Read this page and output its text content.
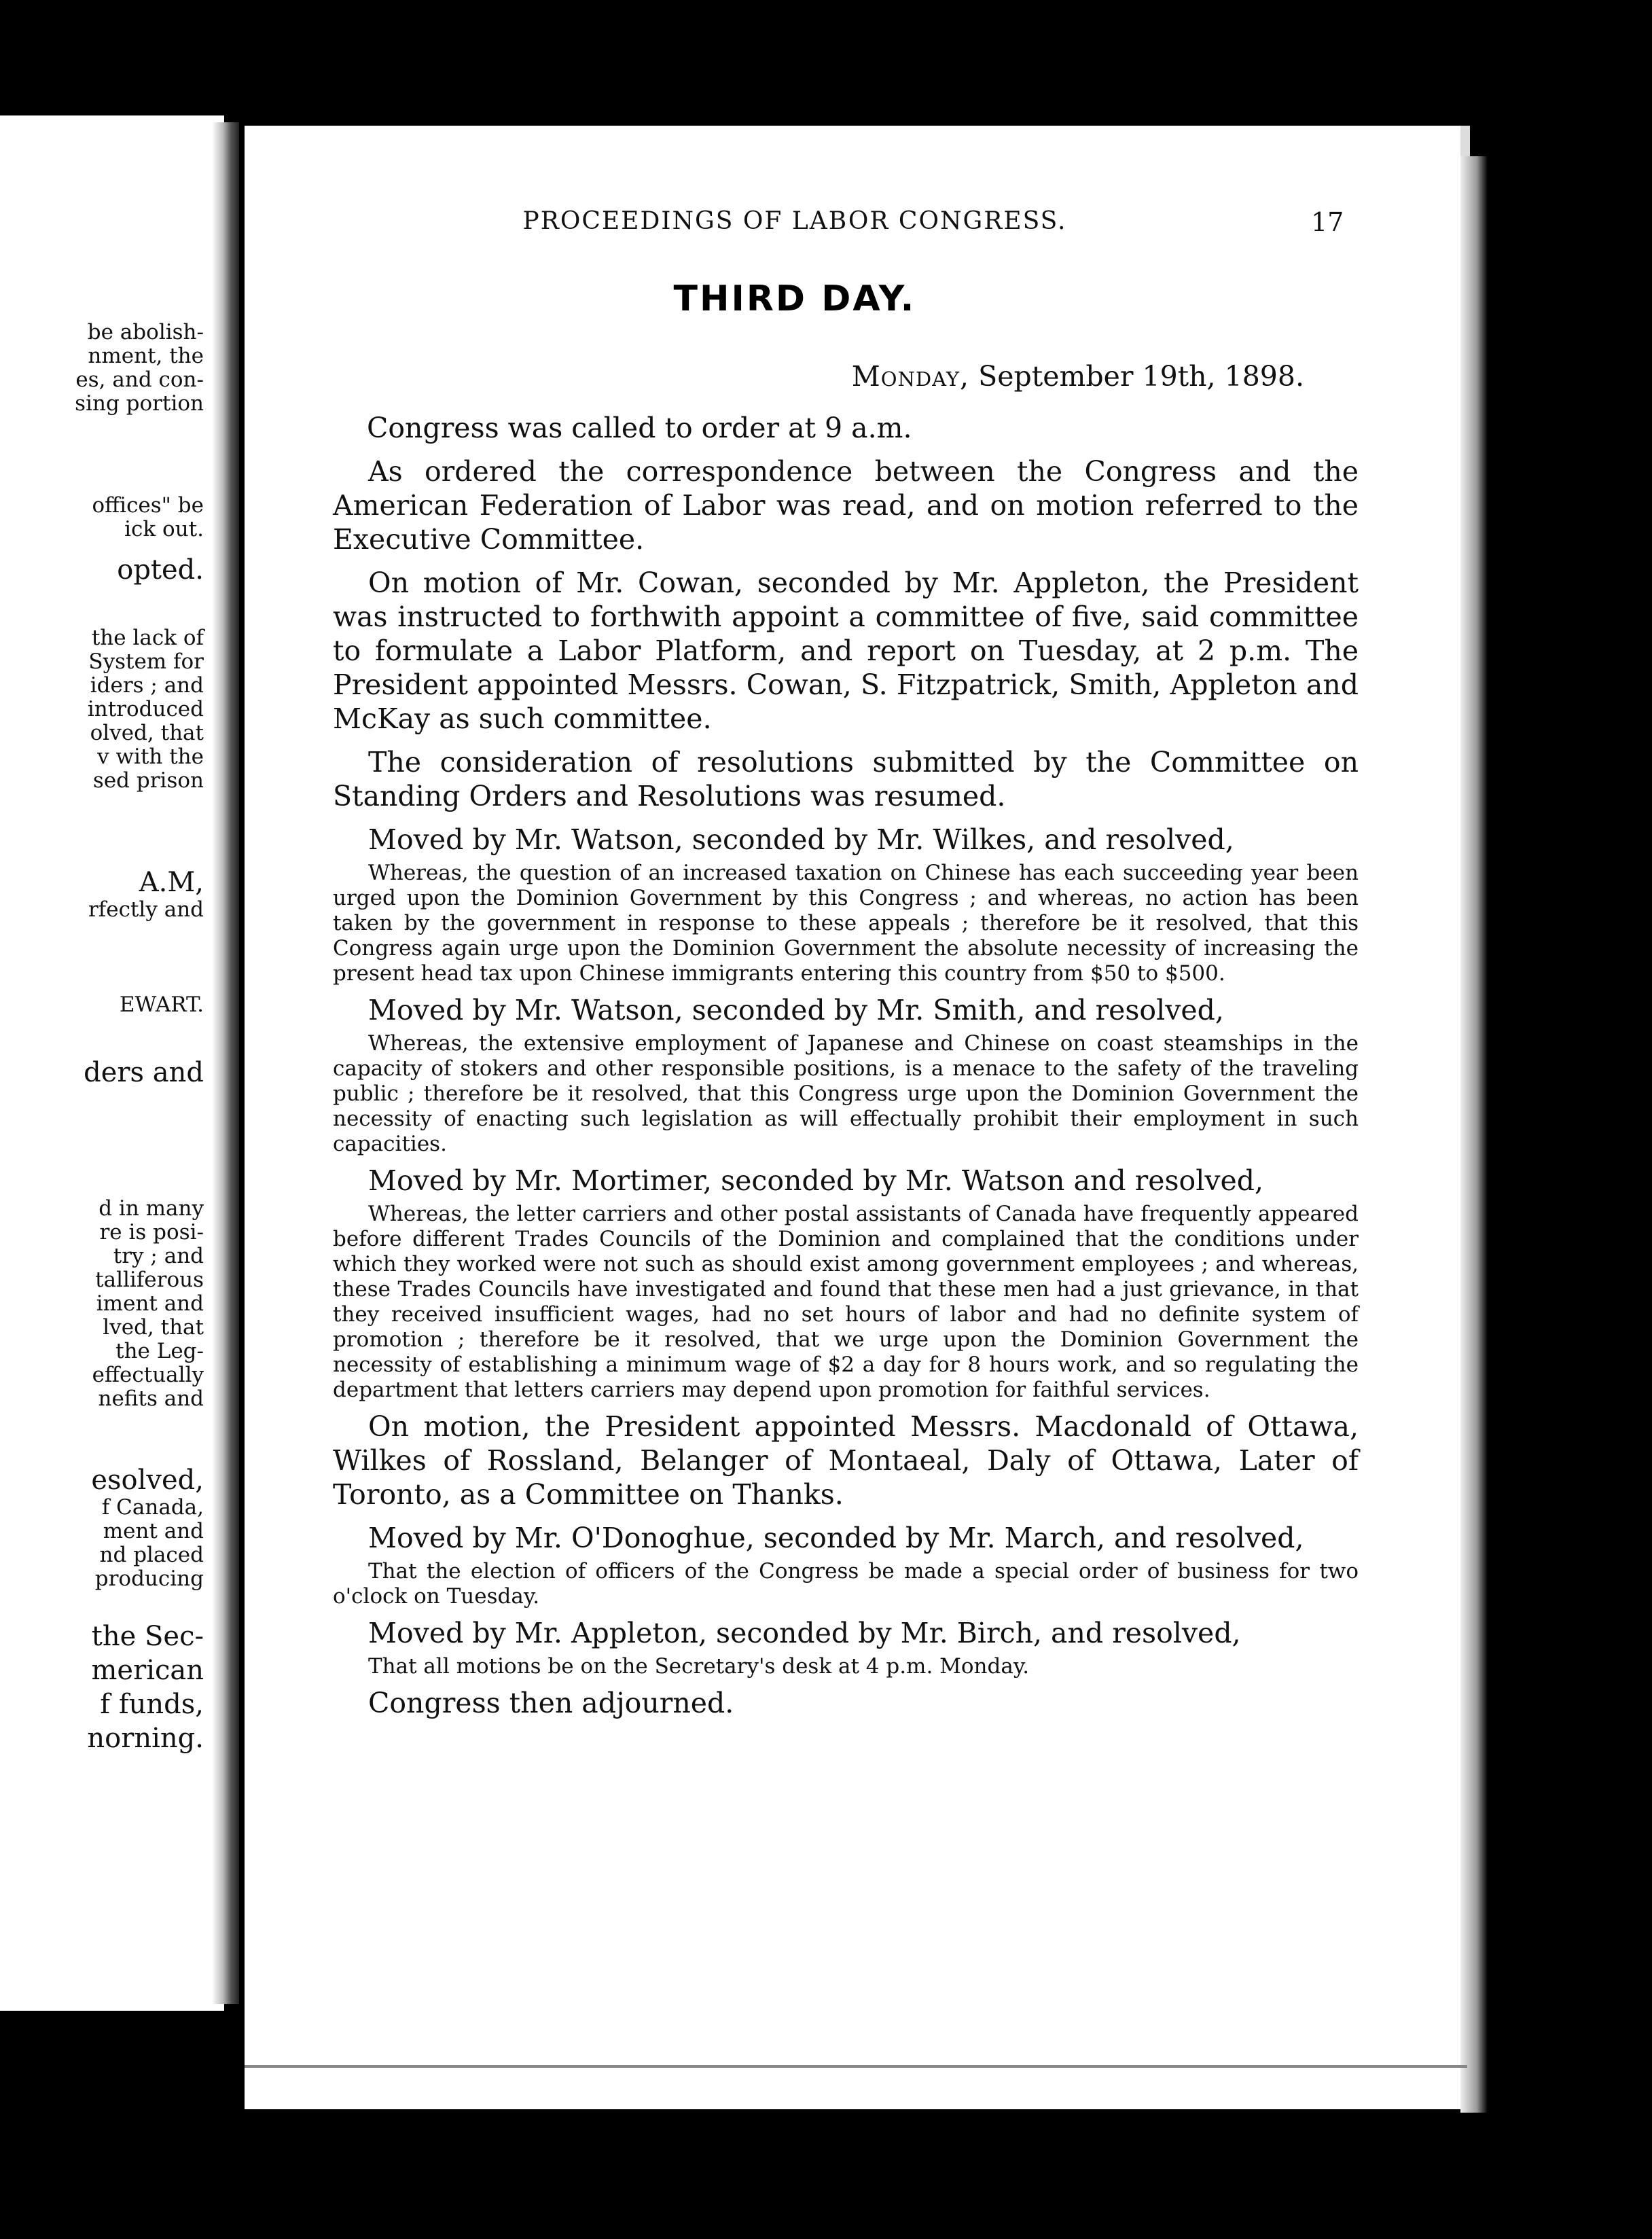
be abolish-
nment, the
es, and con-
sing portion
offices" be
ick out.
opted.
the lack of
System for
iders ; and
introduced
olved, that
v with the
sed prison
A.M,
rfectly and
EWART.
ders and
d in many
re is posi-
try ; and
talliferous
iment and
lved, that
the Leg-
effectually
nefits and
esolved,
f Canada,
ment and
nd placed
producing
the Sec-
merican
f funds,
norning.
PROCEEDINGS OF LABOR CONGRESS.	17
THIRD DAY.
Monday, September 19th, 1898.

Congress was called to order at 9 a.m.

As ordered the correspondence between the Congress and the American Federation of Labor was read, and on motion referred to the Executive Committee.

On motion of Mr. Cowan, seconded by Mr. Appleton, the President was instructed to forthwith appoint a committee of five, said committee to formulate a Labor Platform, and report on Tuesday, at 2 p.m. The President appointed Messrs. Cowan, S. Fitzpatrick, Smith, Appleton and McKay as such committee.

The consideration of resolutions submitted by the Committee on Standing Orders and Resolutions was resumed.

Moved by Mr. Watson, seconded by Mr. Wilkes, and resolved,

Whereas, the question of an increased taxation on Chinese has each succeeding year been urged upon the Dominion Government by this Congress ; and whereas, no action has been taken by the government in response to these appeals ; therefore be it resolved, that this Congress again urge upon the Dominion Government the absolute necessity of increasing the present head tax upon Chinese immigrants entering this country from $50 to $500.

Moved by Mr. Watson, seconded by Mr. Smith, and resolved,

Whereas, the extensive employment of Japanese and Chinese on coast steamships in the capacity of stokers and other responsible positions, is a menace to the safety of the traveling public ; therefore be it resolved, that this Congress urge upon the Dominion Government the necessity of enacting such legislation as will effectually prohibit their employment in such capacities.

Moved by Mr. Mortimer, seconded by Mr. Watson and resolved,

Whereas, the letter carriers and other postal assistants of Canada have frequently appeared before different Trades Councils of the Dominion and complained that the conditions under which they worked were not such as should exist among government employees ; and whereas, these Trades Councils have investigated and found that these men had a just grievance, in that they received insufficient wages, had no set hours of labor and had no definite system of promotion ; therefore be it resolved, that we urge upon the Dominion Government the necessity of establishing a minimum wage of $2 a day for 8 hours work, and so regulating the department that letters carriers may depend upon promotion for faithful services.

On motion, the President appointed Messrs. Macdonald of Ottawa, Wilkes of Rossland, Belanger of Montaeal, Daly of Ottawa, Later of Toronto, as a Committee on Thanks.

Moved by Mr. O'Donoghue, seconded by Mr. March, and resolved,

That the election of officers of the Congress be made a special order of business for two o'clock on Tuesday.

Moved by Mr. Appleton, seconded by Mr. Birch, and resolved,

That all motions be on the Secretary's desk at 4 p.m. Monday.

Congress then adjourned.
